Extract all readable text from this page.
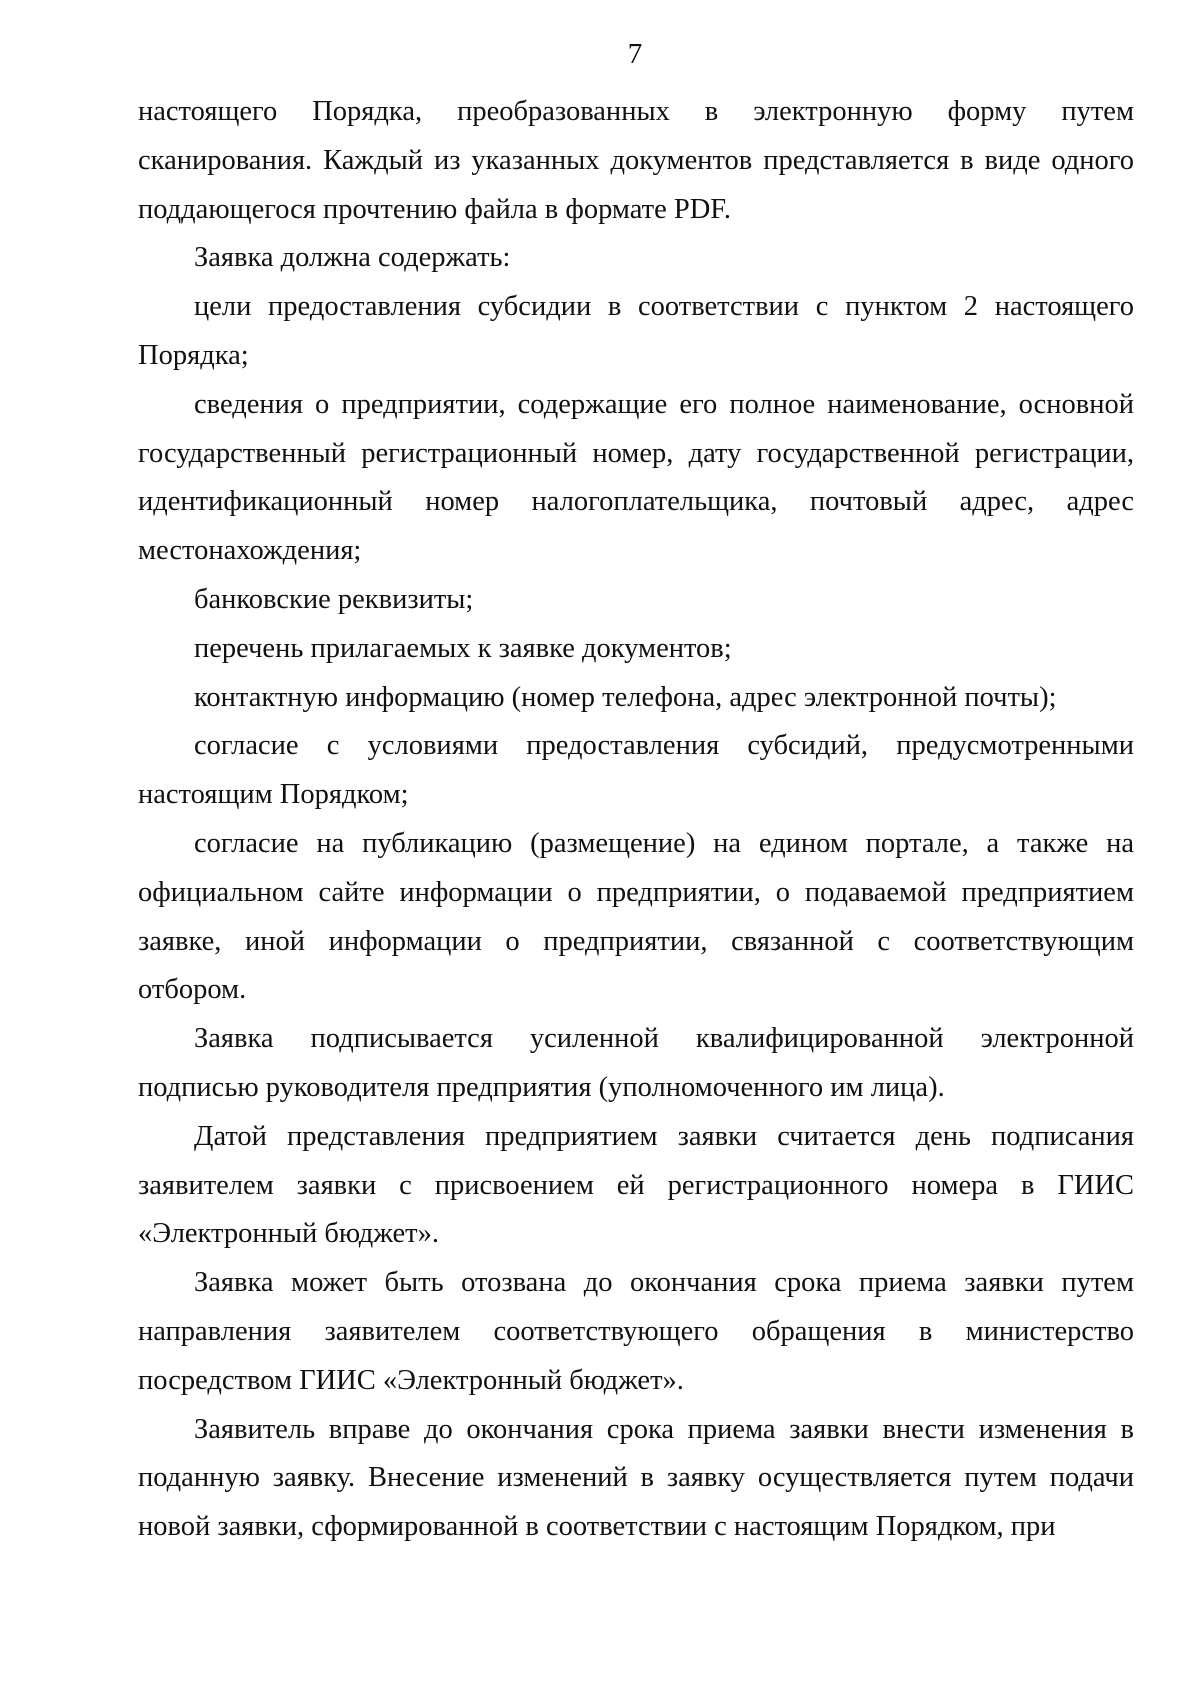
7

настоящего Порядка, преобразованных в электронную форму путем сканирования. Каждый из указанных документов представляется в виде одного поддающегося прочтению файла в формате PDF.

Заявка должна содержать:

цели предоставления субсидии в соответствии с пунктом 2 настоящего Порядка;

сведения о предприятии, содержащие его полное наименование, основной государственный регистрационный номер, дату государственной регистрации, идентификационный номер налогоплательщика, почтовый адрес, адрес местонахождения;

банковские реквизиты;

перечень прилагаемых к заявке документов;

контактную информацию (номер телефона, адрес электронной почты);

согласие с условиями предоставления субсидий, предусмотренными настоящим Порядком;

согласие на публикацию (размещение) на едином портале, а также на официальном сайте информации о предприятии, о подаваемой предприятием заявке, иной информации о предприятии, связанной с соответствующим отбором.

Заявка подписывается усиленной квалифицированной электронной подписью руководителя предприятия (уполномоченного им лица).

Датой представления предприятием заявки считается день подписания заявителем заявки с присвоением ей регистрационного номера в ГИИС «Электронный бюджет».

Заявка может быть отозвана до окончания срока приема заявки путем направления заявителем соответствующего обращения в министерство посредством ГИИС «Электронный бюджет».

Заявитель вправе до окончания срока приема заявки внести изменения в поданную заявку. Внесение изменений в заявку осуществляется путем подачи новой заявки, сформированной в соответствии с настоящим Порядком, при
